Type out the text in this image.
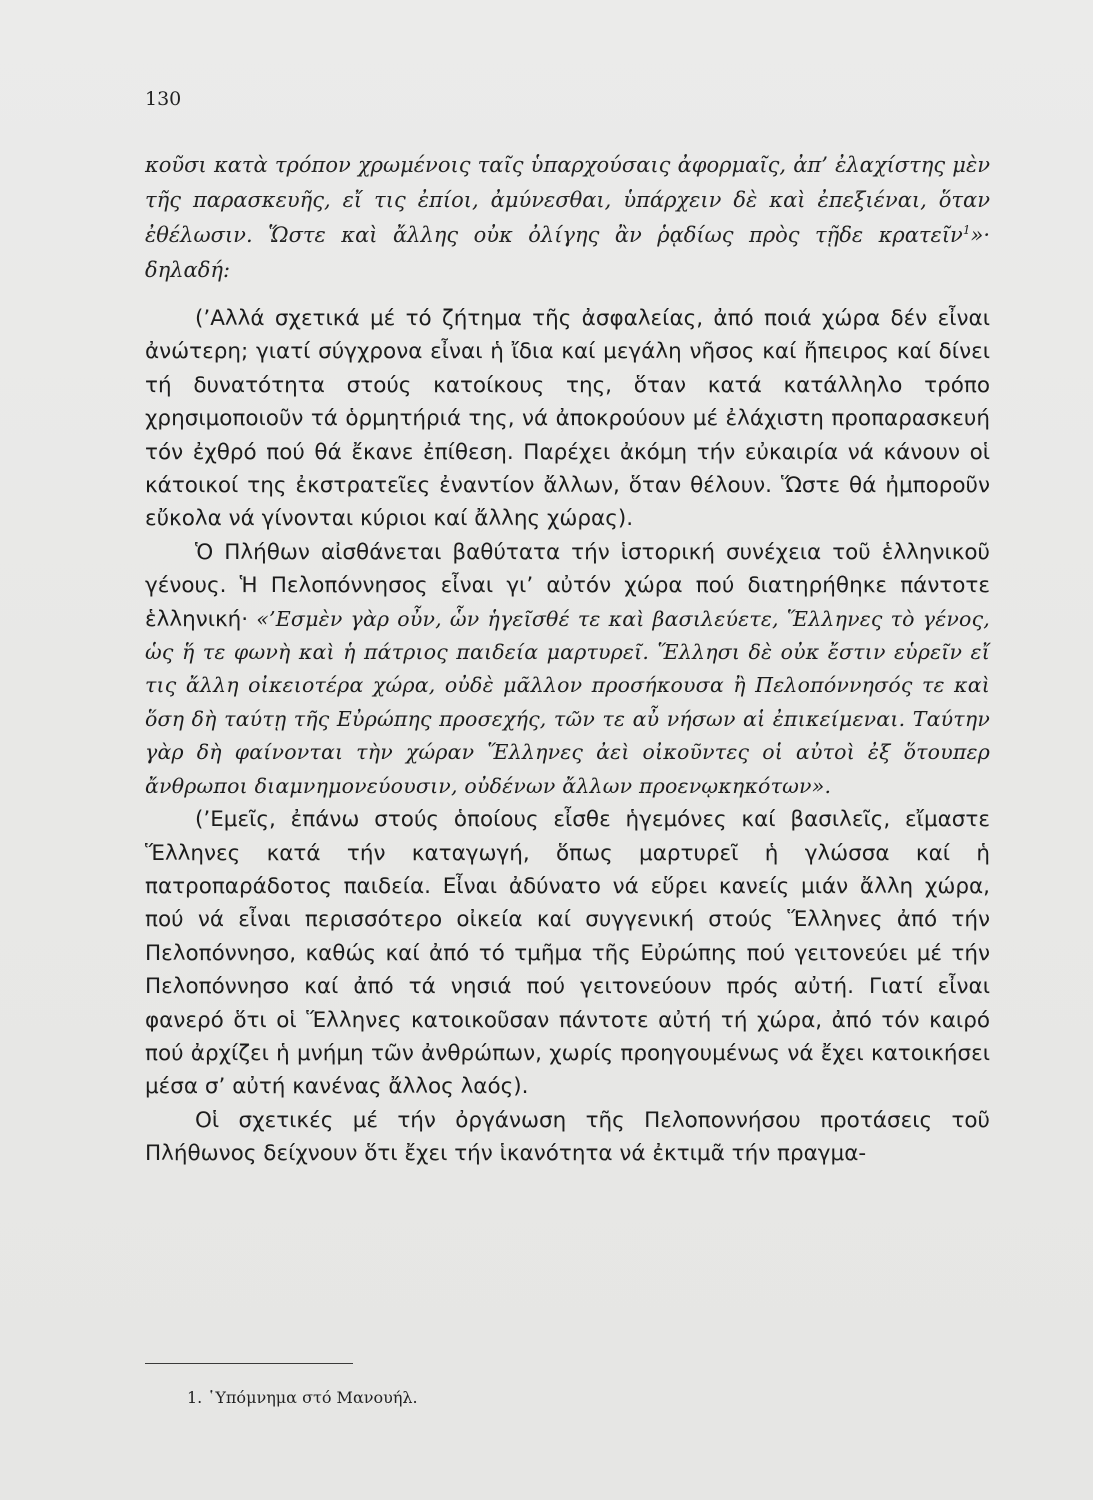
130

κοῦσι κατὰ τρόπον χρωμένοις ταῖς ὑπαρχούσαις ἀφορμαῖς, ἀπ’ ἐλαχίστης μὲν τῆς παρασκευῆς, εἴ τις ἐπίοι, ἀμύνεσθαι, ὑπάρχειν δὲ καὶ ἐπεξιέναι, ὅταν ἐθέλωσιν. Ὥστε καὶ ἄλλης οὐκ ὀλίγης ἂν ῥᾳδίως πρὸς τῇδε κρατεῖν$^1$»· δηλαδή:

(’Αλλά σχετικά μέ τό ζήτημα τῆς ἀσφαλείας, ἀπό ποιά χώρα δέν εἶναι ἀνώτερη; γιατί σύγχρονα εἶναι ἡ ἴδια καί μεγάλη νῆσος καί ἤπειρος καί δίνει τή δυνατότητα στούς κατοίκους της, ὅταν κατά κατάλληλο τρόπο χρησιμοποιοῦν τά ὁρμητήριά της, νά ἀποκρούουν μέ ἐλάχιστη προπαρασκευή τόν ἐχθρό πού θά ἔκανε ἐπίθεση. Παρέχει ἀκόμη τήν εὐκαιρία νά κάνουν οἱ κάτοικοί της ἐκστρατεῖες ἐναντίον ἄλλων, ὅταν θέλουν. Ὥστε θά ἠμποροῦν εὔκολα νά γίνονται κύριοι καί ἄλλης χώρας).

Ὁ Πλήθων αἰσθάνεται βαθύτατα τήν ἱστορική συνέχεια τοῦ ἑλληνικοῦ γένους. Ἡ Πελοπόννησος εἶναι γι’ αὐτόν χώρα πού διατηρήθηκε πάντοτε ἑλληνική· «’Εσμὲν γὰρ οὖν, ὧν ἡγεῖσθέ τε καὶ βασιλεύετε, Ἕλληνες τὸ γένος, ὡς ἥ τε φωνὴ καὶ ἡ πάτριος παιδεία μαρτυρεῖ. Ἕλλησι δὲ οὐκ ἔστιν εὑρεῖν εἴ τις ἄλλη οἰκειοτέρα χώρα, οὐδὲ μᾶλλον προσήκουσα ἢ Πελοπόννησός τε καὶ ὅση δὴ ταύτῃ τῆς Εὐρώπης προσεχής, τῶν τε αὖ νήσων αἱ ἐπικείμεναι. Ταύτην γὰρ δὴ φαίνονται τὴν χώραν Ἕλληνες ἀεὶ οἰκοῦντες οἱ αὐτοὶ ἐξ ὅτουπερ ἄνθρωποι διαμνημονεύουσιν, οὐδένων ἄλλων προενῳκηκότων».

(’Εμεῖς, ἐπάνω στούς ὁποίους εἶσθε ἡγεμόνες καί βασιλεῖς, εἴμαστε Ἕλληνες κατά τήν καταγωγή, ὅπως μαρτυρεῖ ἡ γλώσσα καί ἡ πατροπαράδοτος παιδεία. Εἶναι ἀδύνατο νά εὕρει κανείς μιάν ἄλλη χώρα, πού νά εἶναι περισσότερο οἰκεία καί συγγενική στούς Ἕλληνες ἀπό τήν Πελοπόννησο, καθώς καί ἀπό τό τμῆμα τῆς Εὐρώπης πού γειτονεύει μέ τήν Πελοπόννησο καί ἀπό τά νησιά πού γειτονεύουν πρός αὐτή. Γιατί εἶναι φανερό ὅτι οἱ Ἕλληνες κατοικοῦσαν πάντοτε αὐτή τή χώρα, ἀπό τόν καιρό πού ἀρχίζει ἡ μνήμη τῶν ἀνθρώπων, χωρίς προηγουμένως νά ἔχει κατοικήσει μέσα σ’ αὐτή κανένας ἄλλος λαός).

Οἱ σχετικές μέ τήν ὀργάνωση τῆς Πελοποννήσου προτάσεις τοῦ Πλήθωνος δείχνουν ὅτι ἔχει τήν ἱκανότητα νά ἐκτιμᾶ τήν πραγμα-

1. ῾Υπόμνημα στό Μανουήλ.
